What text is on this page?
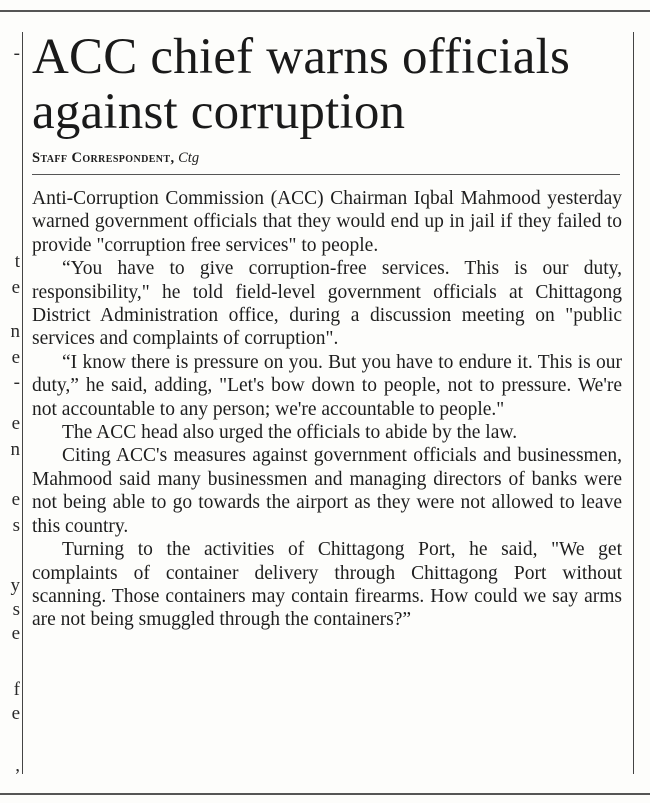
-
t
e
n
e
-
e
n
e
s
y
s
e
f
e
,
ACC chief warns officials
against corruption
Staff Correspondent, Ctg

Anti-Corruption Commission (ACC) Chairman Iqbal Mahmood yesterday warned government officials that they would end up in jail if they failed to provide "corruption free services" to people.

“You have to give corruption-free services. This is our duty, responsibility," he told field-level government officials at Chittagong District Administration office, during a discussion meeting on "public services and complaints of corruption".

“I know there is pressure on you. But you have to endure it. This is our duty,” he said, adding, "Let's bow down to people, not to pressure. We're not accountable to any person; we're accountable to people."

The ACC head also urged the officials to abide by the law.

Citing ACC's measures against government officials and businessmen, Mahmood said many businessmen and managing directors of banks were not being able to go towards the airport as they were not allowed to leave this country.

Turning to the activities of Chittagong Port, he said, "We get complaints of container delivery through Chittagong Port without scanning. Those containers may contain firearms. How could we say arms are not being smuggled through the containers?”
